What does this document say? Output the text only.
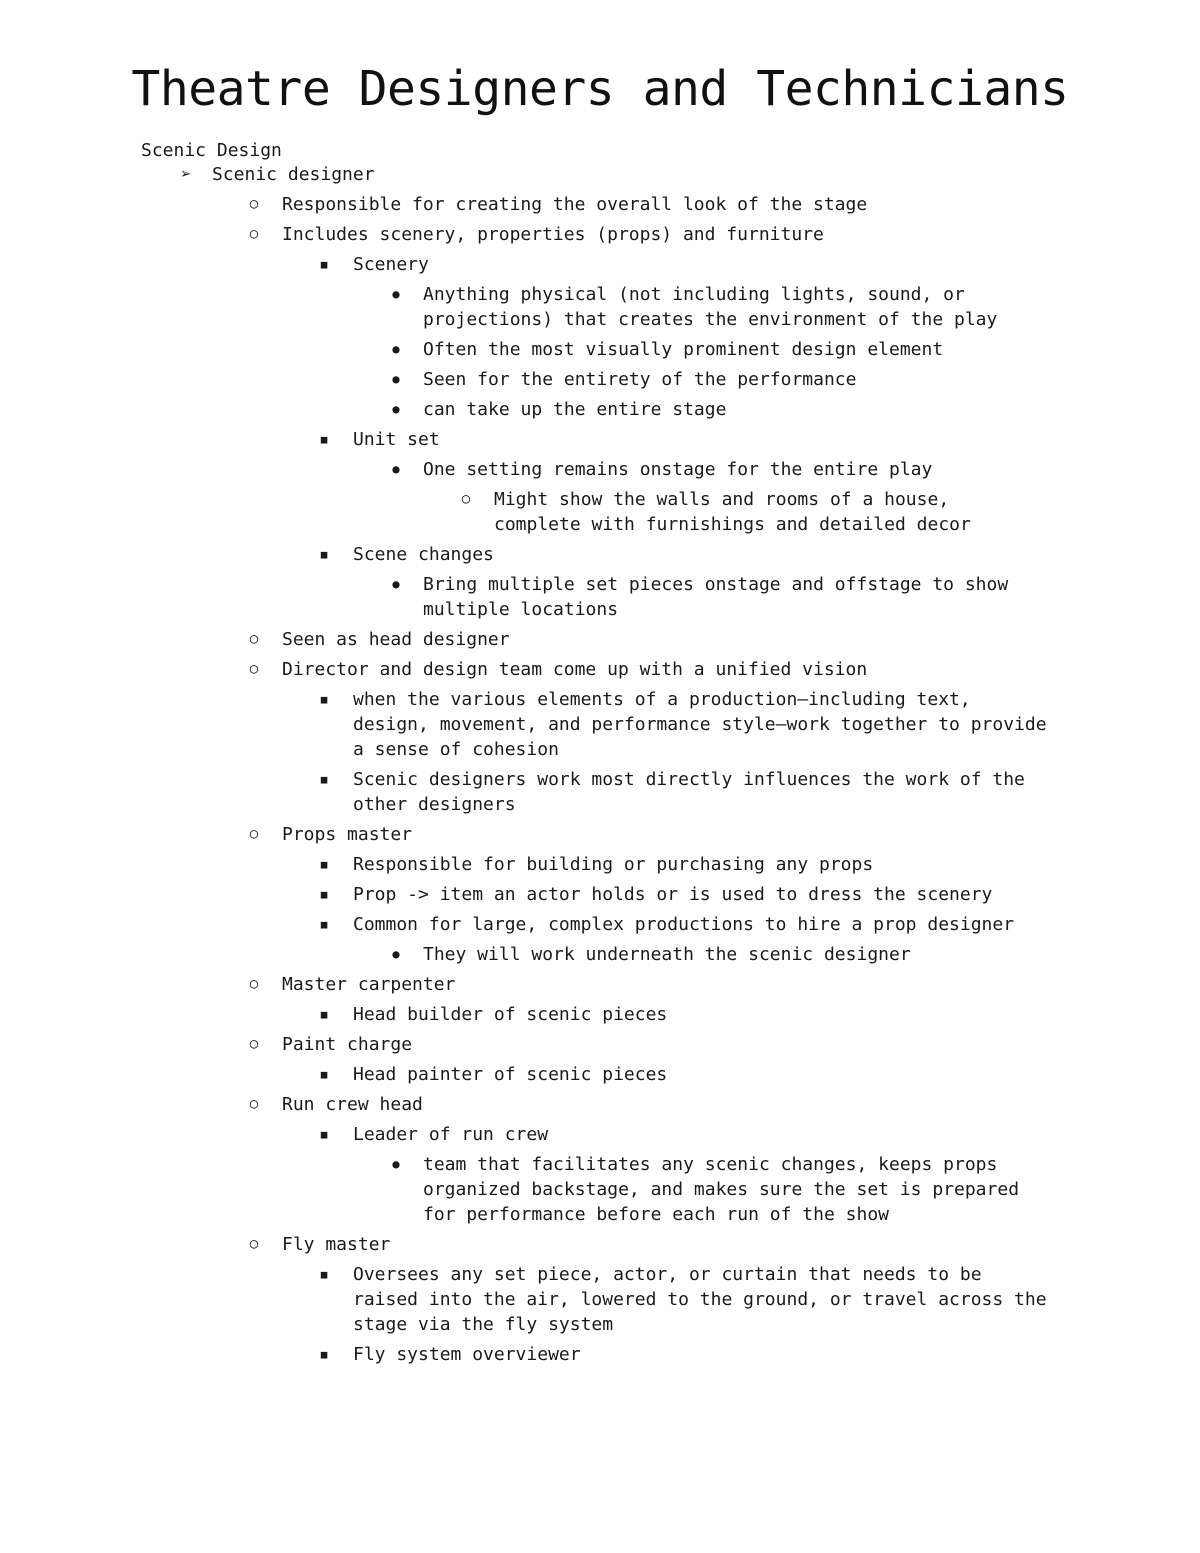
Theatre Designers and Technicians

Scenic Design

➢ Scenic designer
○	Responsible for creating the overall look of the stage
○	Includes scenery, properties (props) and furniture
■	Scenery
●	Anything physical (not including lights, sound, or projections) that creates the environment of the play
●	Often the most visually prominent design element
●	Seen for the entirety of the performance
●	can take up the entire stage
■	Unit set
●	One setting remains onstage for the entire play
○	Might show the walls and rooms of a house, complete with furnishings and detailed decor
■	Scene changes
●	Bring multiple set pieces onstage and offstage to show multiple locations
○	Seen as head designer
○	Director and design team come up with a unified vision
■	when the various elements of a production—including text, design, movement, and performance style—work together to provide a sense of cohesion
■	Scenic designers work most directly influences the work of the other designers
○	Props master
■	Responsible for building or purchasing any props
■	Prop -> item an actor holds or is used to dress the scenery
■	Common for large, complex productions to hire a prop designer
●	They will work underneath the scenic designer
○	Master carpenter
■	Head builder of scenic pieces
○	Paint charge
■	Head painter of scenic pieces
○	Run crew head
■	Leader of run crew
●	team that facilitates any scenic changes, keeps props organized backstage, and makes sure the set is prepared for performance before each run of the show
○	Fly master
■	Oversees any set piece, actor, or curtain that needs to be raised into the air, lowered to the ground, or travel across the stage via the fly system
■	Fly system overviewer
